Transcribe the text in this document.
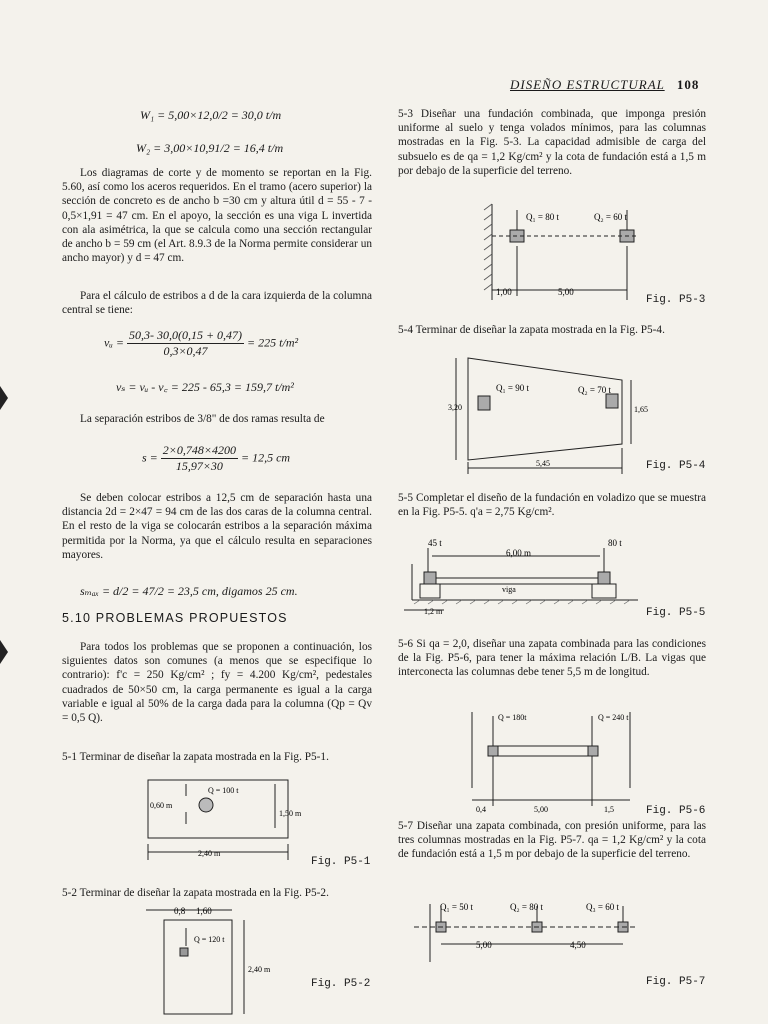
DISEÑO ESTRUCTURAL 108
W₁ = 5,00×12,0/2 = 30,0 t/m
W₂ = 3,00×10,91/2 = 16,4 t/m
Los diagramas de corte y de momento se reportan en la Fig. 5.60, así como los aceros requeridos. En el tramo (acero superior) la sección de concreto es de ancho b =30 cm y altura útil d = 55 - 7 - 0,5×1,91 = 47 cm. En el apoyo, la sección es una viga L invertida con ala asimétrica, la que se calcula como una sección rectangular de ancho b = 59 cm (el Art. 8.9.3 de la Norma permite considerar un ancho mayor) y d = 47 cm.
Para el cálculo de estribos a d de la cara izquierda de la columna central se tiene:
vᵤ = $\frac{50,3- 30,0(0,15 + 0,47)}{0,3\times 0,47} = 225$ t/m²
vₛ = vᵤ - v꜀ = 225 - 65,3 = 159,7 t/m²
La separación estribos de 3/8" de dos ramas resulta de
$s = \frac{2\times 0,748\times 4200}{15,97\times 30} = 12,5$ cm
Se deben colocar estribos a 12,5 cm de separación hasta una distancia 2d = 2×47 = 94 cm de las dos caras de la columna central. En el resto de la viga se colocarán estribos a la separación máxima permitida por la Norma, ya que el cálculo resulta en separaciones mayores.
sₘₐₓ = d/2 = 47/2 = 23,5 cm, digamos 25 cm.
5.10 PROBLEMAS PROPUESTOS
Para todos los problemas que se proponen a continuación, los siguientes datos son comunes (a menos que se especifique lo contrario): f'c = 250 Kg/cm² ; fy = 4.200 Kg/cm², pedestales cuadrados de 50×50 cm, la carga permanente es igual a la carga variable e igual al 50% de la carga dada para la columna (Qp = Qv = 0,5 Q).
5-1 Terminar de diseñar la zapata mostrada en la Fig. P5-1.
Q = 100 t
0,60 m
1,50 m
2,40 m
Fig. P5-1
5-2 Terminar de diseñar la zapata mostrada en la Fig. P5-2.
0,8 1,60
Q = 120 t
2,40 m
Fig. P5-2
5-3 Diseñar una fundación combinada, que imponga presión uniforme al suelo y tenga volados mínimos, para las columnas mostradas en la Fig. 5-3. La capacidad admisible de carga del subsuelo es de qa = 1,2 Kg/cm² y la cota de fundación está a 1,5 m por debajo de la superficie del terreno.
Q₁ = 80 t	Q₂ = 60 t
1,00	5,00
Fig. P5-3
5-4 Terminar de diseñar la zapata mostrada en la Fig. P5-4.
Q₁ = 90 t	Q₂ = 70 t
3,20	1,65
5,45	Fig. P5-4
5-5 Completar el diseño de la fundación en voladizo que se muestra en la Fig. P5-5. q'a = 2,75 Kg/cm².
45 t	80 t
6,00 m
viga
1,2 m	Fig. P5-5
5-6 Si qa = 2,0, diseñar una zapata combinada para las condiciones de la Fig. P5-6, para tener la máxima relación L/B. La vigas que interconecta las columnas debe tener 5,5 m de longitud.
Q = 180t	Q = 240 t
0,4	5,00	1,5	Fig. P5-6
5-7 Diseñar una zapata combinada, con presión uniforme, para las tres columnas mostradas en la Fig. P5-7. qa = 1,2 Kg/cm² y la cota de fundación está a 1,5 m por debajo de la superficie del terreno.
Q₁ = 50 t	Q₂ = 80 t	Q₃ = 60 t
5,00	4,50
Fig. P5-7
